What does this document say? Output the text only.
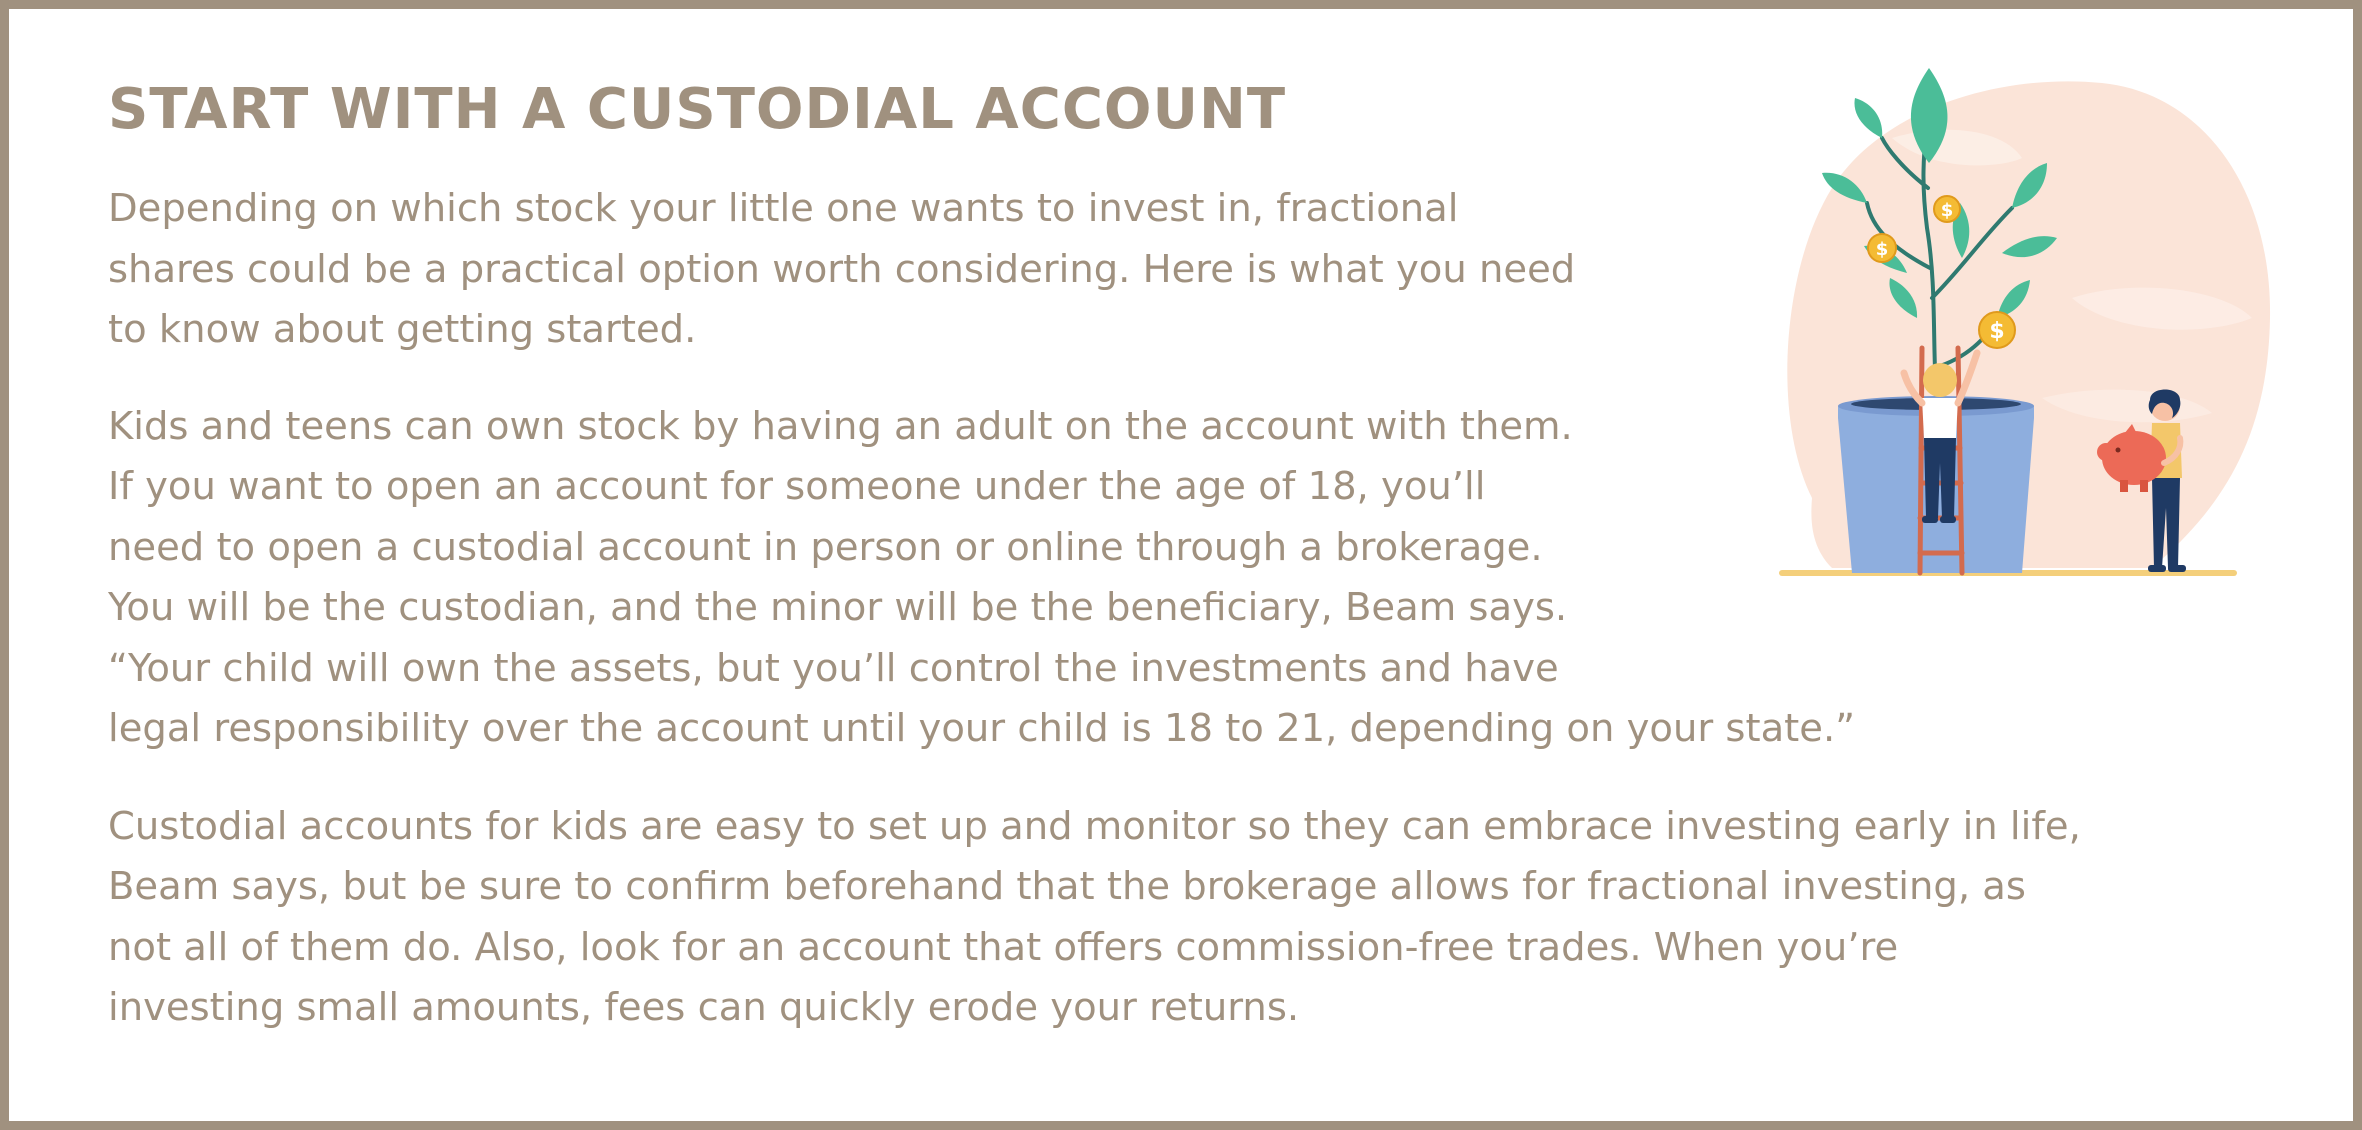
START WITH A CUSTODIAL ACCOUNT

Depending on which stock your little one wants to invest in, fractional
shares could be a practical option worth considering. Here is what you need
to know about getting started.

Kids and teens can own stock by having an adult on the account with them.
If you want to open an account for someone under the age of 18, you’ll
need to open a custodial account in person or online through a brokerage.
You will be the custodian, and the minor will be the beneficiary, Beam says.
“Your child will own the assets, but you’ll control the investments and have
legal responsibility over the account until your child is 18 to 21, depending on your state.”

Custodial accounts for kids are easy to set up and monitor so they can embrace investing early in life,
Beam says, but be sure to confirm beforehand that the brokerage allows for fractional investing, as
not all of them do. Also, look for an account that offers commission-free trades. When you’re
investing small amounts, fees can quickly erode your returns.

$
$
$
